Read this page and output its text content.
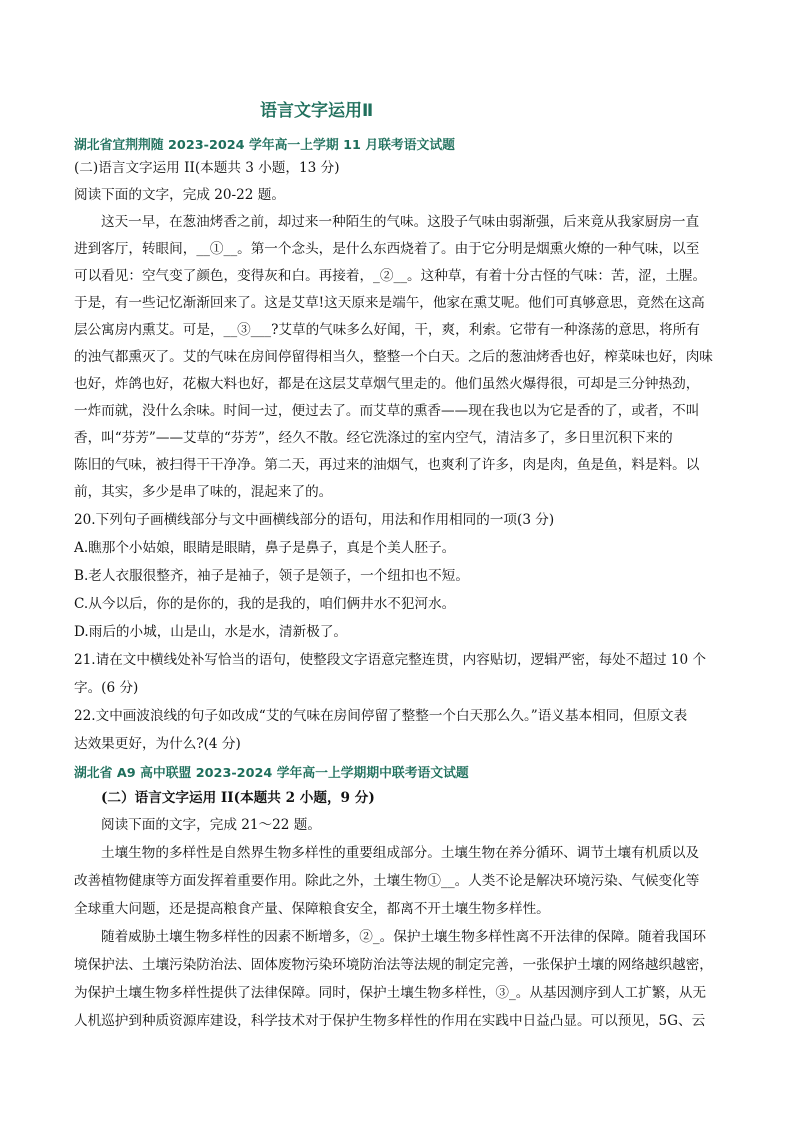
语言文字运用Ⅱ
湖北省宜荆荆随 2023-2024 学年高一上学期 11 月联考语文试题
(二)语言文字运用 II(本题共 3 小题，13 分)
阅读下面的文字，完成 20-22 题。
这天一早，在葱油烤香之前，却过来一种陌生的气味。这股子气味由弱渐强，后来竟从我家厨房一直
进到客厅，转眼间，__①__。第一个念头，是什么东西烧着了。由于它分明是烟熏火燎的一种气味，以至
可以看见：空气变了颜色，变得灰和白。再接着，_②__。这种草，有着十分古怪的气味：苦，涩，土腥。
于是，有一些记忆渐渐回来了。这是艾草!这天原来是端午，他家在熏艾呢。他们可真够意思，竟然在这高
层公寓房内熏艾。可是，__③___?艾草的气味多么好闻，干，爽，利索。它带有一种涤荡的意思，将所有
的浊气都熏灭了。艾的气味在房间停留得相当久，整整一个白天。之后的葱油烤香也好，榨菜味也好，肉味
也好，炸鸽也好，花椒大料也好，都是在这层艾草烟气里走的。他们虽然火爆得很，可却是三分钟热劲，
一炸而就，没什么余味。时间一过，便过去了。而艾草的熏香——现在我也以为它是香的了，或者，不叫
香，叫“芬芳”——艾草的“芬芳”，经久不散。经它洗涤过的室内空气，清洁多了，多日里沉积下来的
陈旧的气味，被扫得干干净净。第二天，再过来的油烟气，也爽利了许多，肉是肉，鱼是鱼，料是料。以
前，其实，多少是串了味的，混起来了的。
20.下列句子画横线部分与文中画横线部分的语句，用法和作用相同的一项(3 分)
A.瞧那个小姑娘，眼睛是眼睛，鼻子是鼻子，真是个美人胚子。
B.老人衣服很整齐，袖子是袖子，领子是领子，一个纽扣也不短。
C.从今以后，你的是你的，我的是我的，咱们俩井水不犯河水。
D.雨后的小城，山是山，水是水，清新极了。
21.请在文中横线处补写恰当的语句，使整段文字语意完整连贯，内容贴切，逻辑严密，每处不超过 10 个
字。(6 分)
22.文中画波浪线的句子如改成“艾的气味在房间停留了整整一个白天那么久。”语义基本相同，但原文表
达效果更好，为什么?(4 分)
湖北省 A9 高中联盟 2023-2024 学年高一上学期期中联考语文试题
(二）语言文字运用 II(本题共 2 小题，9 分)
阅读下面的文字，完成 21～22 题。
土壤生物的多样性是自然界生物多样性的重要组成部分。土壤生物在养分循环、调节土壤有机质以及
改善植物健康等方面发挥着重要作用。除此之外，土壤生物①__。人类不论是解决环境污染、气候变化等
全球重大问题，还是提高粮食产量、保障粮食安全，都离不开土壤生物多样性。
随着威胁土壤生物多样性的因素不断增多，②_。保护土壤生物多样性离不开法律的保障。随着我国环
境保护法、土壤污染防治法、固体废物污染环境防治法等法规的制定完善，一张保护土壤的网络越织越密，
为保护土壤生物多样性提供了法律保障。同时，保护土壤生物多样性，③_。从基因测序到人工扩繁，从无
人机巡护到种质资源库建设，科学技术对于保护生物多样性的作用在实践中日益凸显。可以预见，5G、云
